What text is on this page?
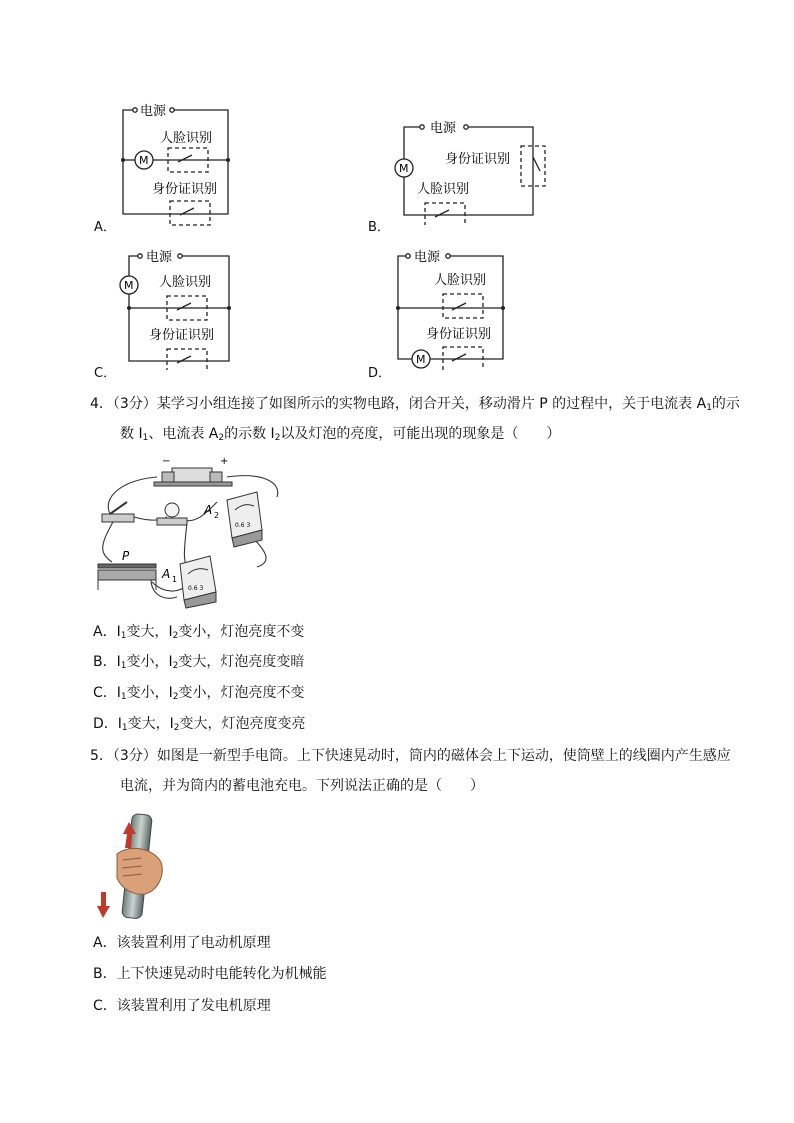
M
电源
人脸识别
身份证识别
A．
M
电源
身份证识别
人脸识别
B．
M
电源
人脸识别
身份证识别
C．
M
电源
人脸识别
身份证识别
D．
4．（3分）某学习小组连接了如图所示的实物电路，闭合开关，移动滑片 P 的过程中，关于电流表 $A_1$的示
数 $I_1$、电流表 $A_2$的示数 $I_2$以及灯泡的亮度，可能出现的现象是（　　）
−	+
0.6 3
A 2
P
0.6 3
A 1
A．$I_1$变大，$I_2$变小，灯泡亮度不变
B．$I_1$变小，$I_2$变大，灯泡亮度变暗
C．$I_1$变小，$I_2$变小，灯泡亮度不变
D．$I_1$变大，$I_2$变大，灯泡亮度变亮
5．（3分）如图是一新型手电筒。上下快速晃动时，筒内的磁体会上下运动，使筒壁上的线圈内产生感应
电流，并为筒内的蓄电池充电。下列说法正确的是（　　）
A．该装置利用了电动机原理
B．上下快速晃动时电能转化为机械能
C．该装置利用了发电机原理
